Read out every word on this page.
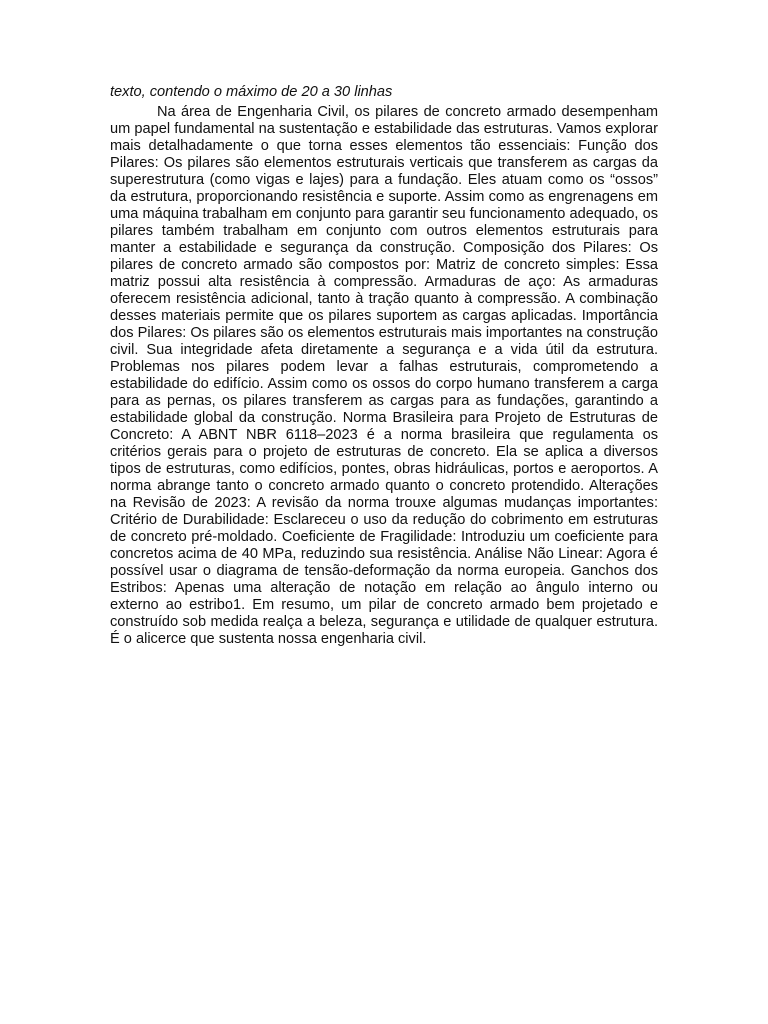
texto, contendo o máximo de 20 a 30 linhas

Na área de Engenharia Civil, os pilares de concreto armado desempenham um papel fundamental na sustentação e estabilidade das estruturas. Vamos explorar mais detalhadamente o que torna esses elementos tão essenciais: Função dos Pilares: Os pilares são elementos estruturais verticais que transferem as cargas da superestrutura (como vigas e lajes) para a fundação. Eles atuam como os “ossos” da estrutura, proporcionando resistência e suporte. Assim como as engrenagens em uma máquina trabalham em conjunto para garantir seu funcionamento adequado, os pilares também trabalham em conjunto com outros elementos estruturais para manter a estabilidade e segurança da construção. Composição dos Pilares: Os pilares de concreto armado são compostos por: Matriz de concreto simples: Essa matriz possui alta resistência à compressão. Armaduras de aço: As armaduras oferecem resistência adicional, tanto à tração quanto à compressão. A combinação desses materiais permite que os pilares suportem as cargas aplicadas. Importância dos Pilares: Os pilares são os elementos estruturais mais importantes na construção civil. Sua integridade afeta diretamente a segurança e a vida útil da estrutura. Problemas nos pilares podem levar a falhas estruturais, comprometendo a estabilidade do edifício. Assim como os ossos do corpo humano transferem a carga para as pernas, os pilares transferem as cargas para as fundações, garantindo a estabilidade global da construção. Norma Brasileira para Projeto de Estruturas de Concreto: A ABNT NBR 6118–2023 é a norma brasileira que regulamenta os critérios gerais para o projeto de estruturas de concreto. Ela se aplica a diversos tipos de estruturas, como edifícios, pontes, obras hidráulicas, portos e aeroportos. A norma abrange tanto o concreto armado quanto o concreto protendido. Alterações na Revisão de 2023: A revisão da norma trouxe algumas mudanças importantes: Critério de Durabilidade: Esclareceu o uso da redução do cobrimento em estruturas de concreto pré-moldado. Coeficiente de Fragilidade: Introduziu um coeficiente para concretos acima de 40 MPa, reduzindo sua resistência. Análise Não Linear: Agora é possível usar o diagrama de tensão-deformação da norma europeia. Ganchos dos Estribos: Apenas uma alteração de notação em relação ao ângulo interno ou externo ao estribo1. Em resumo, um pilar de concreto armado bem projetado e construído sob medida realça a beleza, segurança e utilidade de qualquer estrutura. É o alicerce que sustenta nossa engenharia civil.
